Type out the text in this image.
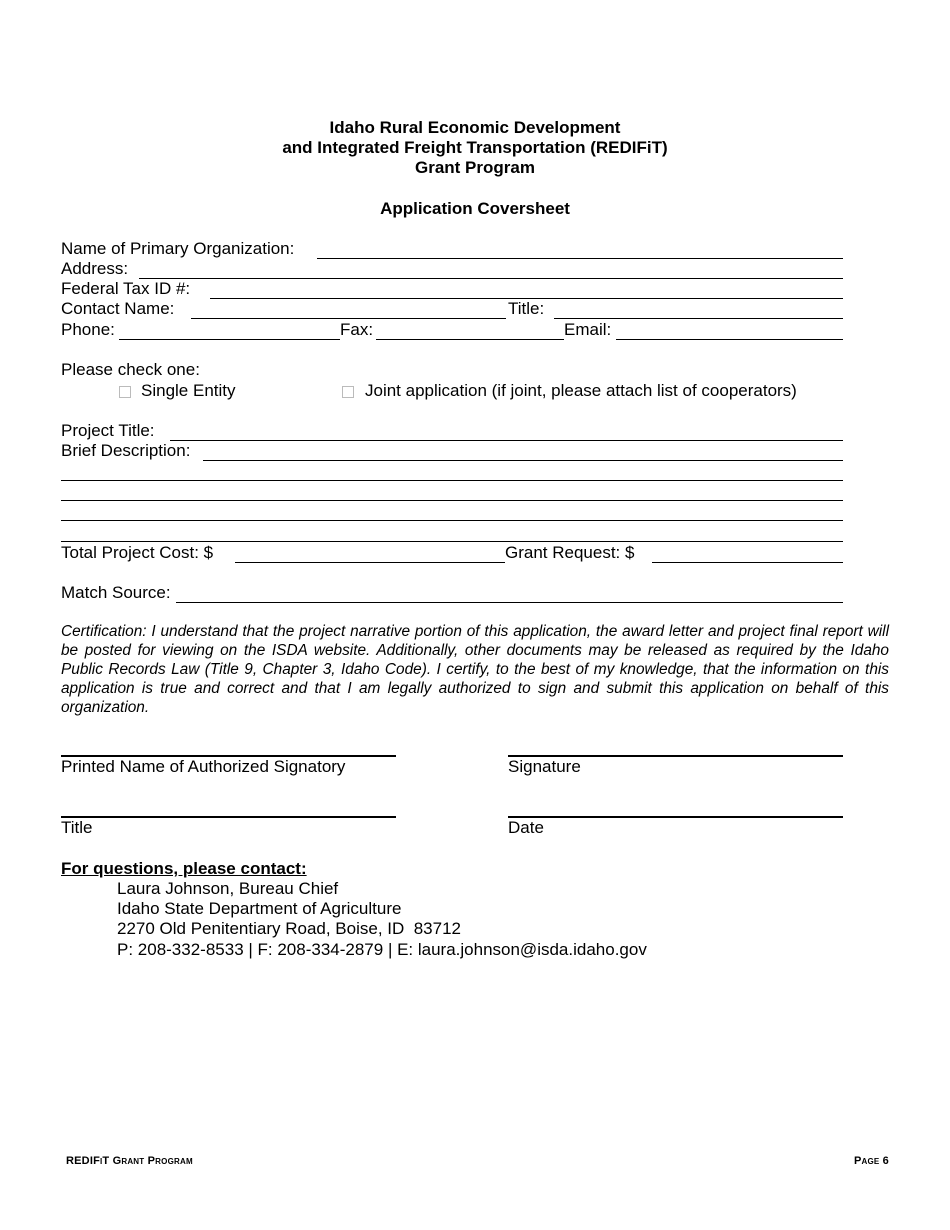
Idaho Rural Economic Development
and Integrated Freight Transportation (REDIFiT)
Grant Program
Application Coversheet
Name of Primary Organization:
Address:
Federal Tax ID #:
Contact Name:	Title:
Phone:	Fax:	Email:
Please check one:
Single Entity	Joint application (if joint, please attach list of cooperators)
Project Title:
Brief Description:
Total Project Cost: $	Grant Request: $
Match Source:
Certification: I understand that the project narrative portion of this application, the award letter and project final report will be posted for viewing on the ISDA website. Additionally, other documents may be released as required by the Idaho Public Records Law (Title 9, Chapter 3, Idaho Code). I certify, to the best of my knowledge, that the information on this application is true and correct and that I am legally authorized to sign and submit this application on behalf of this organization.
Printed Name of Authorized Signatory	Signature
Title	Date
For questions, please contact:
Laura Johnson, Bureau Chief
Idaho State Department of Agriculture
2270 Old Penitentiary Road, Boise, ID  83712
P: 208-332-8533 | F: 208-334-2879 | E: laura.johnson@isda.idaho.gov
REDIFiT Grant Program	Page 6
